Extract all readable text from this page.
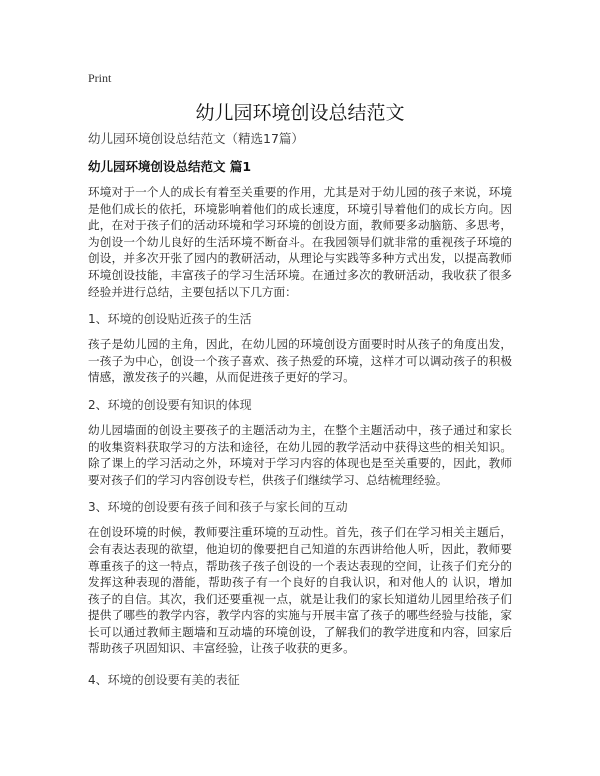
Print
幼儿园环境创设总结范文
幼儿园环境创设总结范文（精选17篇）
幼儿园环境创设总结范文 篇1
环境对于一个人的成长有着至关重要的作用，尤其是对于幼儿园的孩子来说，环境
是他们成长的依托，环境影响着他们的成长速度，环境引导着他们的成长方向。因
此，在对于孩子们的活动环境和学习环境的创设方面，教师要多动脑筋、多思考，
为创设一个幼儿良好的生活环境不断奋斗。在我园领导们就非常的重视孩子环境的
创设，并多次开张了园内的教研活动，从理论与实践等多种方式出发，以提高教师
环境创设技能，丰富孩子的学习生活环境。在通过多次的教研活动，我收获了很多
经验并进行总结，主要包括以下几方面：
1、环境的创设贴近孩子的生活
孩子是幼儿园的主角，因此，在幼儿园的环境创设方面要时时从孩子的角度出发，
一孩子为中心，创设一个孩子喜欢、孩子热爱的环境，这样才可以调动孩子的积极
情感，激发孩子的兴趣，从而促进孩子更好的学习。
2、环境的创设要有知识的体现
幼儿园墙面的创设主要孩子的主题活动为主，在整个主题活动中，孩子通过和家长
的收集资料获取学习的方法和途径，在幼儿园的教学活动中获得这些的相关知识。
除了课上的学习活动之外，环境对于学习内容的体现也是至关重要的，因此，教师
要对孩子们的学习内容创设专栏，供孩子们继续学习、总结梳理经验。
3、环境的创设要有孩子间和孩子与家长间的互动
在创设环境的时候，教师要注重环境的互动性。首先，孩子们在学习相关主题后，
会有表达表现的欲望，他迫切的像要把自己知道的东西讲给他人听，因此，教师要
尊重孩子的这一特点，帮助孩子孩子创设的一个表达表现的空间，让孩子们充分的
发挥这种表现的潜能，帮助孩子有一个良好的自我认识，和对他人的 认识，增加
孩子的自信。其次，我们还要重视一点，就是让我们的家长知道幼儿园里给孩子们
提供了哪些的教学内容，教学内容的实施与开展丰富了孩子的哪些经验与技能，家
长可以通过教师主题墙和互动墙的环境创设，了解我们的教学进度和内容，回家后
帮助孩子巩固知识、丰富经验，让孩子收获的更多。
4、环境的创设要有美的表征
